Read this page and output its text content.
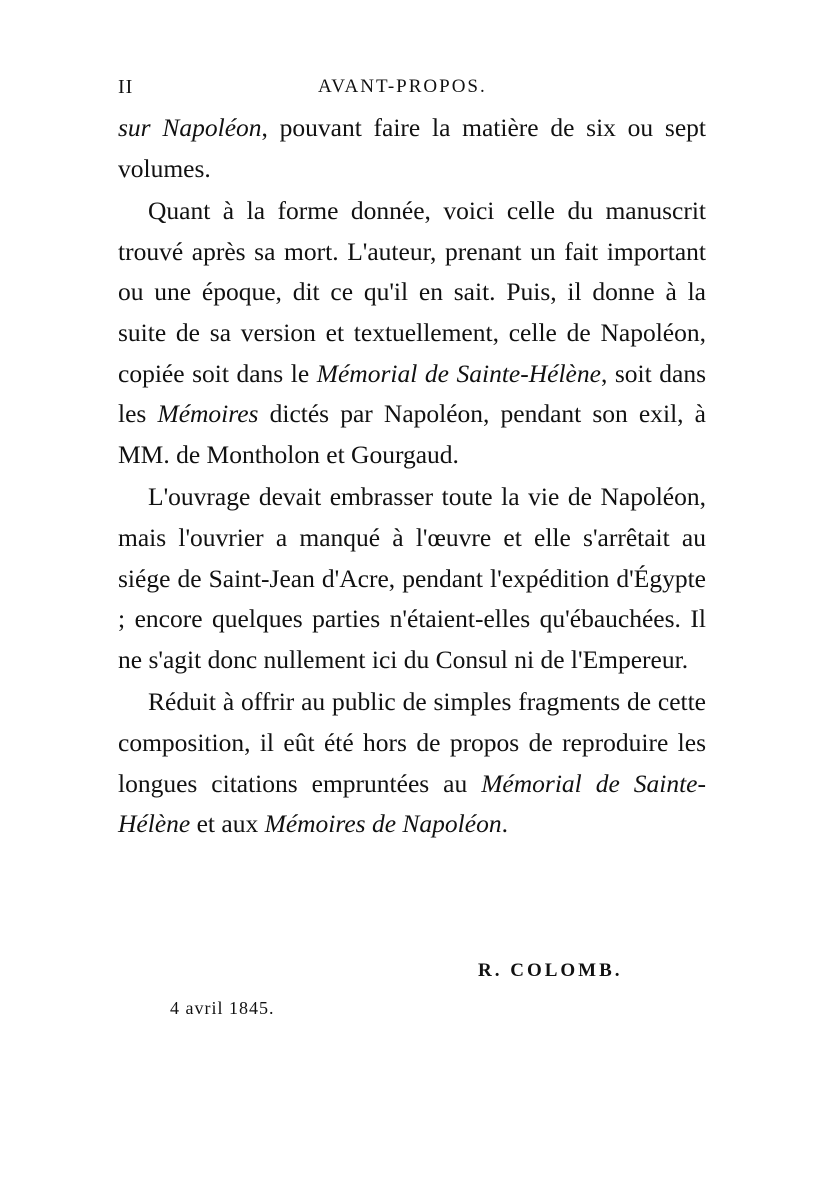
II	AVANT-PROPOS.

sur Napoléon, pouvant faire la matière de six ou sept volumes.

Quant à la forme donnée, voici celle du manuscrit trouvé après sa mort. L'auteur, prenant un fait important ou une époque, dit ce qu'il en sait. Puis, il donne à la suite de sa version et textuellement, celle de Napoléon, copiée soit dans le Mémorial de Sainte-Hélène, soit dans les Mémoires dictés par Napoléon, pendant son exil, à MM. de Montholon et Gourgaud.

L'ouvrage devait embrasser toute la vie de Napoléon, mais l'ouvrier a manqué à l'œuvre et elle s'arrêtait au siége de Saint-Jean d'Acre, pendant l'expédition d'Égypte ; encore quelques parties n'étaient-elles qu'ébauchées. Il ne s'agit donc nullement ici du Consul ni de l'Empereur.

Réduit à offrir au public de simples fragments de cette composition, il eût été hors de propos de reproduire les longues citations empruntées au Mémorial de Sainte-Hélène et aux Mémoires de Napoléon.

R. COLOMB.
4 avril 1845.
